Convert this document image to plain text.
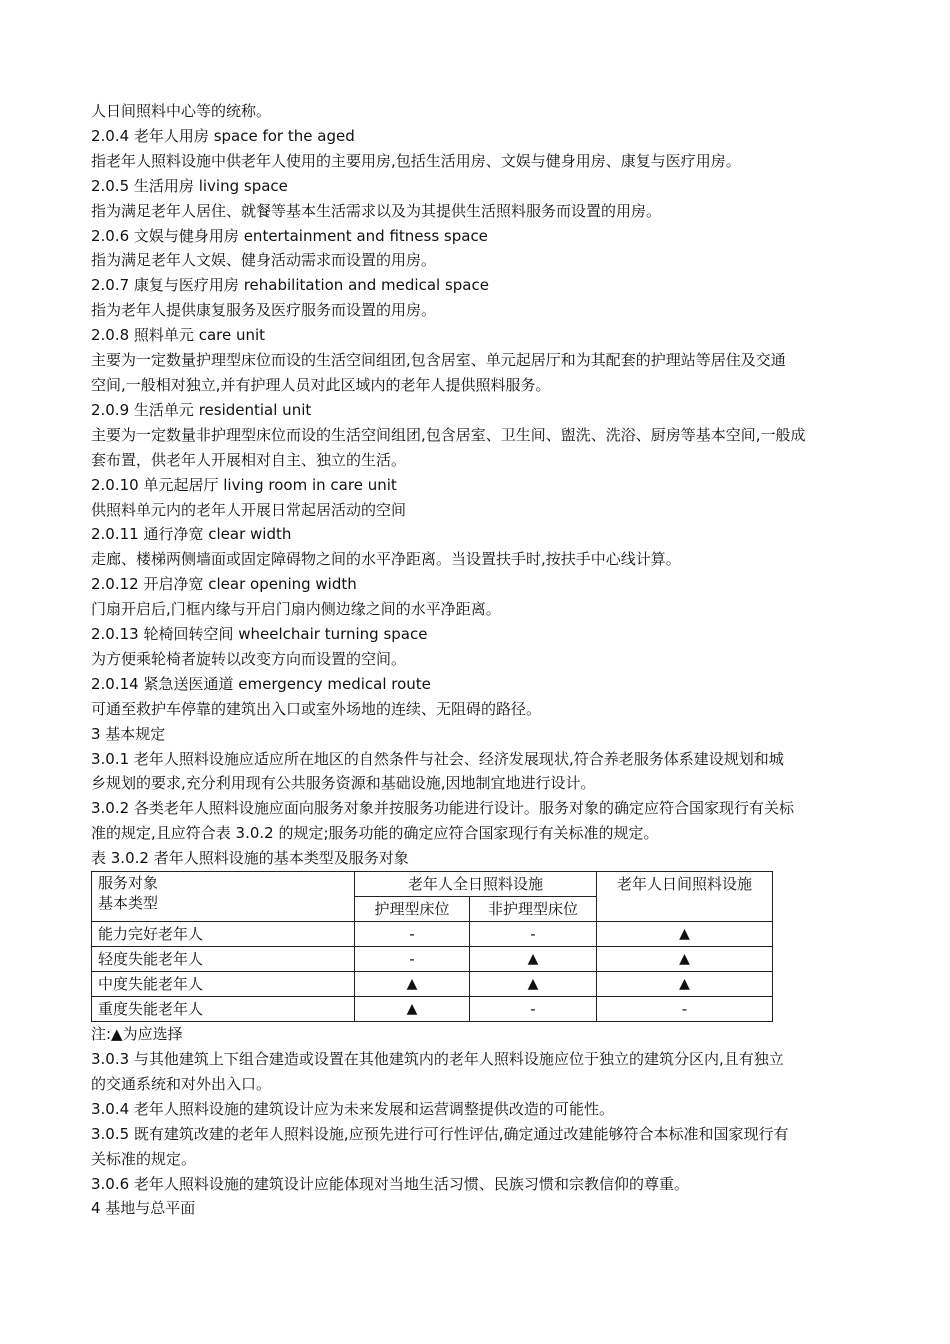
人日间照料中心等的统称。
2.0.4 老年人用房 space for the aged
指老年人照料设施中供老年人使用的主要用房,包括生活用房、文娱与健身用房、康复与医疗用房。
2.0.5 生活用房 living space
指为满足老年人居住、就餐等基本生活需求以及为其提供生活照料服务而设置的用房。
2.0.6 文娱与健身用房 entertainment and fitness space
指为满足老年人文娱、健身活动需求而设置的用房。
2.0.7 康复与医疗用房 rehabilitation and medical space
指为老年人提供康复服务及医疗服务而设置的用房。
2.0.8 照料单元 care unit
主要为一定数量护理型床位而设的生活空间组团,包含居室、单元起居厅和为其配套的护理站等居住及交通
空间,一般相对独立,并有护理人员对此区域内的老年人提供照料服务。
2.0.9 生活单元 residential unit
主要为一定数量非护理型床位而设的生活空间组团,包含居室、卫生间、盥洗、洗浴、厨房等基本空间,一般成
套布置，供老年人开展相对自主、独立的生活。
2.0.10 单元起居厅 living room in care unit
供照料单元内的老年人开展日常起居活动的空间
2.0.11 通行净宽 clear width
走廊、楼梯两侧墙面或固定障碍物之间的水平净距离。当设置扶手时,按扶手中心线计算。
2.0.12 开启净宽 clear opening width
门扇开启后,门框内缘与开启门扇内侧边缘之间的水平净距离。
2.0.13 轮椅回转空间 wheelchair turning space
为方便乘轮椅者旋转以改变方向而设置的空间。
2.0.14 紧急送医通道 emergency medical route
可通至救护车停靠的建筑出入口或室外场地的连续、无阻碍的路径。
3 基本规定
3.0.1 老年人照料设施应适应所在地区的自然条件与社会、经济发展现状,符合养老服务体系建设规划和城
乡规划的要求,充分利用现有公共服务资源和基础设施,因地制宜地进行设计。
3.0.2 各类老年人照料设施应面向服务对象并按服务功能进行设计。服务对象的确定应符合国家现行有关标
准的规定,且应符合表 3.0.2 的规定;服务功能的确定应符合国家现行有关标准的规定。
表 3.0.2 者年人照料设施的基本类型及服务对象
服务对象
基本类型	老年人全日照料设施		老年人日间照料设施
	护理型床位	非护理型床位	
能力完好老年人	-	-	▲
轻度失能老年人	-	▲	▲
中度失能老年人	▲	▲	▲
重度失能老年人	▲	-	-
注:▲为应选择
3.0.3 与其他建筑上下组合建造或设置在其他建筑内的老年人照料设施应位于独立的建筑分区内,且有独立
的交通系统和对外出入口。
3.0.4 老年人照料设施的建筑设计应为未来发展和运营调整提供改造的可能性。
3.0.5 既有建筑改建的老年人照料设施,应预先进行可行性评估,确定通过改建能够符合本标准和国家现行有
关标准的规定。
3.0.6 老年人照料设施的建筑设计应能体现对当地生活习惯、民族习惯和宗教信仰的尊重。
4 基地与总平面
